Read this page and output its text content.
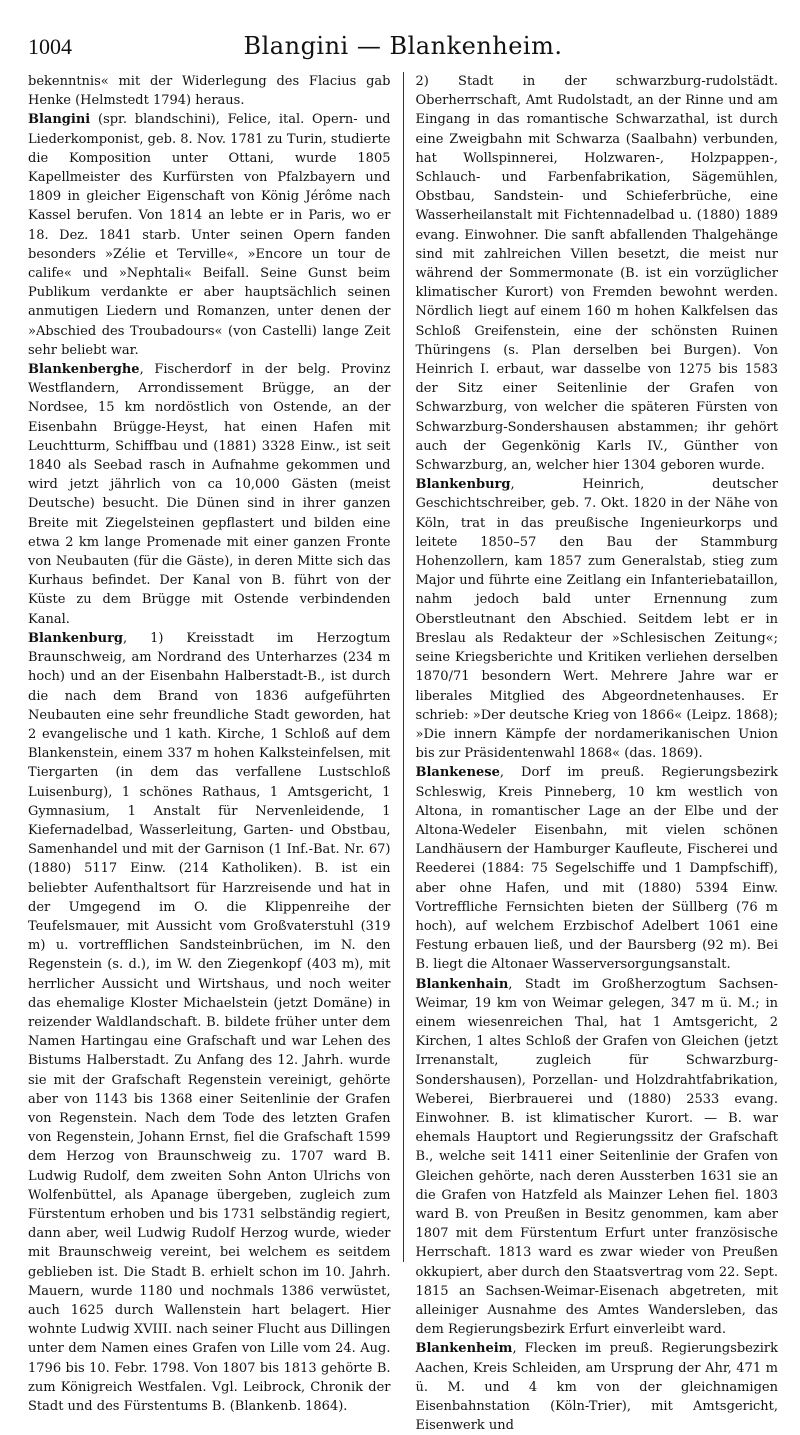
1004	Blangini — Blankenheim.

bekenntnis« mit der Widerlegung des Flacius gab Henke (Helmstedt 1794) heraus.

Blangini (spr. blandschini), Felice, ital. Opern- und Liederkomponist, geb. 8. Nov. 1781 zu Turin, studierte die Komposition unter Ottani, wurde 1805 Kapellmeister des Kurfürsten von Pfalzbayern und 1809 in gleicher Eigenschaft von König Jérôme nach Kassel berufen. Von 1814 an lebte er in Paris, wo er 18. Dez. 1841 starb. Unter seinen Opern fanden besonders »Zélie et Terville«, »Encore un tour de calife« und »Nephtali« Beifall. Seine Gunst beim Publikum verdankte er aber hauptsächlich seinen anmutigen Liedern und Romanzen, unter denen der »Abschied des Troubadours« (von Castelli) lange Zeit sehr beliebt war.

Blankenberghe, Fischerdorf in der belg. Provinz Westflandern, Arrondissement Brügge, an der Nordsee, 15 km nordöstlich von Ostende, an der Eisenbahn Brügge-Heyst, hat einen Hafen mit Leuchtturm, Schiffbau und (1881) 3328 Einw., ist seit 1840 als Seebad rasch in Aufnahme gekommen und wird jetzt jährlich von ca 10,000 Gästen (meist Deutsche) besucht. Die Dünen sind in ihrer ganzen Breite mit Ziegelsteinen gepflastert und bilden eine etwa 2 km lange Promenade mit einer ganzen Fronte von Neubauten (für die Gäste), in deren Mitte sich das Kurhaus befindet. Der Kanal von B. führt von der Küste zu dem Brügge mit Ostende verbindenden Kanal.

Blankenburg, 1) Kreisstadt im Herzogtum Braunschweig, am Nordrand des Unterharzes (234 m hoch) und an der Eisenbahn Halberstadt-B., ist durch die nach dem Brand von 1836 aufgeführten Neubauten eine sehr freundliche Stadt geworden, hat 2 evangelische und 1 kath. Kirche, 1 Schloß auf dem Blankenstein, einem 337 m hohen Kalksteinfelsen, mit Tiergarten (in dem das verfallene Lustschloß Luisenburg), 1 schönes Rathaus, 1 Amtsgericht, 1 Gymnasium, 1 Anstalt für Nervenleidende, 1 Kiefernadelbad, Wasserleitung, Garten- und Obstbau, Samenhandel und mit der Garnison (1 Inf.-Bat. Nr. 67) (1880) 5117 Einw. (214 Katholiken). B. ist ein beliebter Aufenthaltsort für Harzreisende und hat in der Umgegend im O. die Klippenreihe der Teufelsmauer, mit Aussicht vom Großvaterstuhl (319 m) u. vortrefflichen Sandsteinbrüchen, im N. den Regenstein (s. d.), im W. den Ziegenkopf (403 m), mit herrlicher Aussicht und Wirtshaus, und noch weiter das ehemalige Kloster Michaelstein (jetzt Domäne) in reizender Waldlandschaft. B. bildete früher unter dem Namen Hartingau eine Grafschaft und war Lehen des Bistums Halberstadt. Zu Anfang des 12. Jahrh. wurde sie mit der Grafschaft Regenstein vereinigt, gehörte aber von 1143 bis 1368 einer Seitenlinie der Grafen von Regenstein. Nach dem Tode des letzten Grafen von Regenstein, Johann Ernst, fiel die Grafschaft 1599 dem Herzog von Braunschweig zu. 1707 ward B. Ludwig Rudolf, dem zweiten Sohn Anton Ulrichs von Wolfenbüttel, als Apanage übergeben, zugleich zum Fürstentum erhoben und bis 1731 selbständig regiert, dann aber, weil Ludwig Rudolf Herzog wurde, wieder mit Braunschweig vereint, bei welchem es seitdem geblieben ist. Die Stadt B. erhielt schon im 10. Jahrh. Mauern, wurde 1180 und nochmals 1386 verwüstet, auch 1625 durch Wallenstein hart belagert. Hier wohnte Ludwig XVIII. nach seiner Flucht aus Dillingen unter dem Namen eines Grafen von Lille vom 24. Aug. 1796 bis 10. Febr. 1798. Von 1807 bis 1813 gehörte B. zum Königreich Westfalen. Vgl. Leibrock, Chronik der Stadt und des Fürstentums B. (Blankenb. 1864).

2) Stadt in der schwarzburg-rudolstädt. Oberherrschaft, Amt Rudolstadt, an der Rinne und am Eingang in das romantische Schwarzathal, ist durch eine Zweigbahn mit Schwarza (Saalbahn) verbunden, hat Wollspinnerei, Holzwaren-, Holzpappen-, Schlauch- und Farbenfabrikation, Sägemühlen, Obstbau, Sandstein- und Schieferbrüche, eine Wasserheilanstalt mit Fichtennadelbad u. (1880) 1889 evang. Einwohner. Die sanft abfallenden Thalgehänge sind mit zahlreichen Villen besetzt, die meist nur während der Sommermonate (B. ist ein vorzüglicher klimatischer Kurort) von Fremden bewohnt werden. Nördlich liegt auf einem 160 m hohen Kalkfelsen das Schloß Greifenstein, eine der schönsten Ruinen Thüringens (s. Plan derselben bei Burgen). Von Heinrich I. erbaut, war dasselbe von 1275 bis 1583 der Sitz einer Seitenlinie der Grafen von Schwarzburg, von welcher die späteren Fürsten von Schwarzburg-Sondershausen abstammen; ihr gehört auch der Gegenkönig Karls IV., Günther von Schwarzburg, an, welcher hier 1304 geboren wurde.

Blankenburg, Heinrich, deutscher Geschichtschreiber, geb. 7. Okt. 1820 in der Nähe von Köln, trat in das preußische Ingenieurkorps und leitete 1850–57 den Bau der Stammburg Hohenzollern, kam 1857 zum Generalstab, stieg zum Major und führte eine Zeitlang ein Infanteriebataillon, nahm jedoch bald unter Ernennung zum Oberstleutnant den Abschied. Seitdem lebt er in Breslau als Redakteur der »Schlesischen Zeitung«; seine Kriegsberichte und Kritiken verliehen derselben 1870/71 besondern Wert. Mehrere Jahre war er liberales Mitglied des Abgeordnetenhauses. Er schrieb: »Der deutsche Krieg von 1866« (Leipz. 1868); »Die innern Kämpfe der nordamerikanischen Union bis zur Präsidentenwahl 1868« (das. 1869).

Blankenese, Dorf im preuß. Regierungsbezirk Schleswig, Kreis Pinneberg, 10 km westlich von Altona, in romantischer Lage an der Elbe und der Altona-Wedeler Eisenbahn, mit vielen schönen Landhäusern der Hamburger Kaufleute, Fischerei und Reederei (1884: 75 Segelschiffe und 1 Dampfschiff), aber ohne Hafen, und mit (1880) 5394 Einw. Vortreffliche Fernsichten bieten der Süllberg (76 m hoch), auf welchem Erzbischof Adelbert 1061 eine Festung erbauen ließ, und der Baursberg (92 m). Bei B. liegt die Altonaer Wasserversorgungsanstalt.

Blankenhain, Stadt im Großherzogtum Sachsen-Weimar, 19 km von Weimar gelegen, 347 m ü. M.; in einem wiesenreichen Thal, hat 1 Amtsgericht, 2 Kirchen, 1 altes Schloß der Grafen von Gleichen (jetzt Irrenanstalt, zugleich für Schwarzburg-Sondershausen), Porzellan- und Holzdrahtfabrikation, Weberei, Bierbrauerei und (1880) 2533 evang. Einwohner. B. ist klimatischer Kurort. — B. war ehemals Hauptort und Regierungssitz der Grafschaft B., welche seit 1411 einer Seitenlinie der Grafen von Gleichen gehörte, nach deren Aussterben 1631 sie an die Grafen von Hatzfeld als Mainzer Lehen fiel. 1803 ward B. von Preußen in Besitz genommen, kam aber 1807 mit dem Fürstentum Erfurt unter französische Herrschaft. 1813 ward es zwar wieder von Preußen okkupiert, aber durch den Staatsvertrag vom 22. Sept. 1815 an Sachsen-Weimar-Eisenach abgetreten, mit alleiniger Ausnahme des Amtes Wandersleben, das dem Regierungsbezirk Erfurt einverleibt ward.

Blankenheim, Flecken im preuß. Regierungsbezirk Aachen, Kreis Schleiden, am Ursprung der Ahr, 471 m ü. M. und 4 km von der gleichnamigen Eisenbahnstation (Köln-Trier), mit Amtsgericht, Eisenwerk und
